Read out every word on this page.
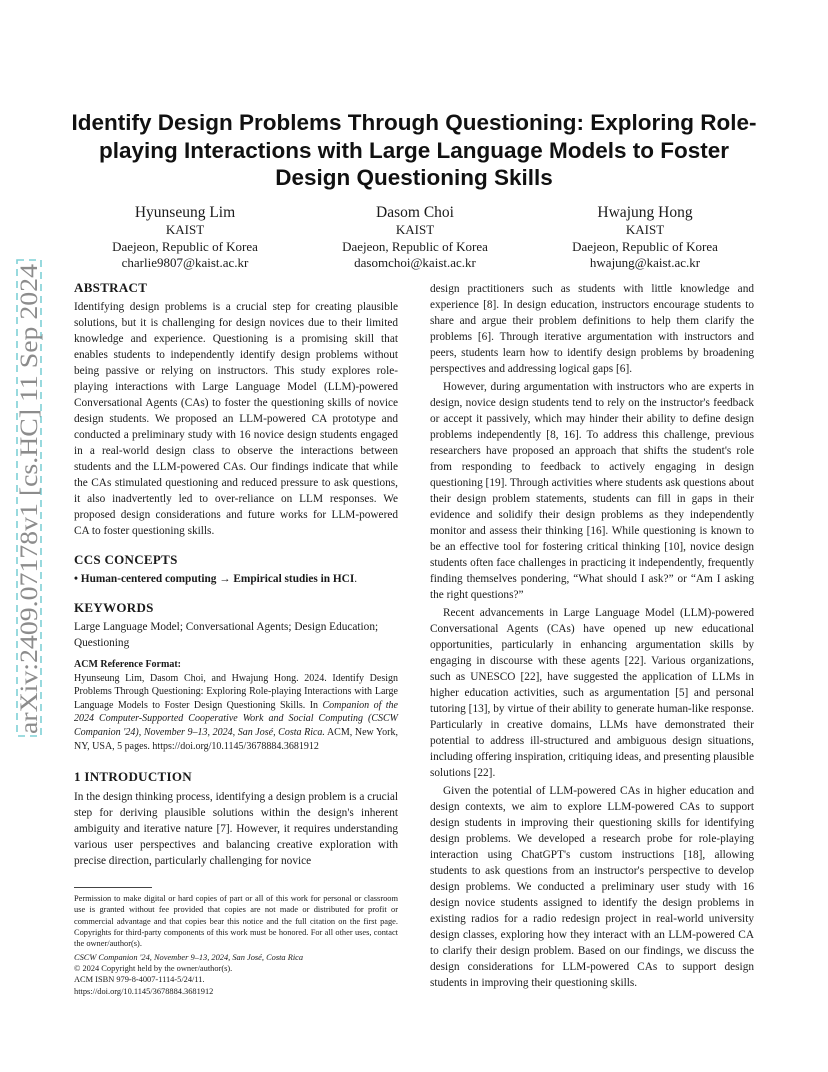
arXiv:2409.07178v1 [cs.HC] 11 Sep 2024
Identify Design Problems Through Questioning: Exploring Role-playing Interactions with Large Language Models to Foster Design Questioning Skills
Hyunseung Lim
KAIST
Daejeon, Republic of Korea
charlie9807@kaist.ac.kr
Dasom Choi
KAIST
Daejeon, Republic of Korea
dasomchoi@kaist.ac.kr
Hwajung Hong
KAIST
Daejeon, Republic of Korea
hwajung@kaist.ac.kr
ABSTRACT

Identifying design problems is a crucial step for creating plausible solutions, but it is challenging for design novices due to their limited knowledge and experience. Questioning is a promising skill that enables students to independently identify design problems without being passive or relying on instructors. This study explores role-playing interactions with Large Language Model (LLM)-powered Conversational Agents (CAs) to foster the questioning skills of novice design students. We proposed an LLM-powered CA prototype and conducted a preliminary study with 16 novice design students engaged in a real-world design class to observe the interactions between students and the LLM-powered CAs. Our findings indicate that while the CAs stimulated questioning and reduced pressure to ask questions, it also inadvertently led to over-reliance on LLM responses. We proposed design considerations and future works for LLM-powered CA to foster questioning skills.

CCS CONCEPTS

• Human-centered computing → Empirical studies in HCI.

KEYWORDS

Large Language Model; Conversational Agents; Design Education; Questioning

ACM Reference Format:

Hyunseung Lim, Dasom Choi, and Hwajung Hong. 2024. Identify Design Problems Through Questioning: Exploring Role-playing Interactions with Large Language Models to Foster Design Questioning Skills. In Companion of the 2024 Computer-Supported Cooperative Work and Social Computing (CSCW Companion '24), November 9–13, 2024, San José, Costa Rica. ACM, New York, NY, USA, 5 pages. https://doi.org/10.1145/3678884.3681912

1 INTRODUCTION

In the design thinking process, identifying a design problem is a crucial step for deriving plausible solutions within the design's inherent ambiguity and iterative nature [7]. However, it requires understanding various user perspectives and balancing creative exploration with precise direction, particularly challenging for novice

Permission to make digital or hard copies of part or all of this work for personal or classroom use is granted without fee provided that copies are not made or distributed for profit or commercial advantage and that copies bear this notice and the full citation on the first page. Copyrights for third-party components of this work must be honored. For all other uses, contact the owner/author(s).

CSCW Companion '24, November 9–13, 2024, San José, Costa Rica
© 2024 Copyright held by the owner/author(s).
ACM ISBN 979-8-4007-1114-5/24/11.
https://doi.org/10.1145/3678884.3681912

design practitioners such as students with little knowledge and experience [8]. In design education, instructors encourage students to share and argue their problem definitions to help them clarify the problems [6]. Through iterative argumentation with instructors and peers, students learn how to identify design problems by broadening perspectives and addressing logical gaps [6].

However, during argumentation with instructors who are experts in design, novice design students tend to rely on the instructor's feedback or accept it passively, which may hinder their ability to define design problems independently [8, 16]. To address this challenge, previous researchers have proposed an approach that shifts the student's role from responding to feedback to actively engaging in design questioning [19]. Through activities where students ask questions about their design problem statements, students can fill in gaps in their evidence and solidify their design problems as they independently monitor and assess their thinking [16]. While questioning is known to be an effective tool for fostering critical thinking [10], novice design students often face challenges in practicing it independently, frequently finding themselves pondering, “What should I ask?” or “Am I asking the right questions?”

Recent advancements in Large Language Model (LLM)-powered Conversational Agents (CAs) have opened up new educational opportunities, particularly in enhancing argumentation skills by engaging in discourse with these agents [22]. Various organizations, such as UNESCO [22], have suggested the application of LLMs in higher education activities, such as argumentation [5] and personal tutoring [13], by virtue of their ability to generate human-like response. Particularly in creative domains, LLMs have demonstrated their potential to address ill-structured and ambiguous design situations, including offering inspiration, critiquing ideas, and presenting plausible solutions [22].

Given the potential of LLM-powered CAs in higher education and design contexts, we aim to explore LLM-powered CAs to support design students in improving their questioning skills for identifying design problems. We developed a research probe for role-playing interaction using ChatGPT's custom instructions [18], allowing students to ask questions from an instructor's perspective to develop design problems. We conducted a preliminary user study with 16 design novice students assigned to identify the design problems in existing radios for a radio redesign project in real-world university design classes, exploring how they interact with an LLM-powered CA to clarify their design problem. Based on our findings, we discuss the design considerations for LLM-powered CAs to support design students in improving their questioning skills.
